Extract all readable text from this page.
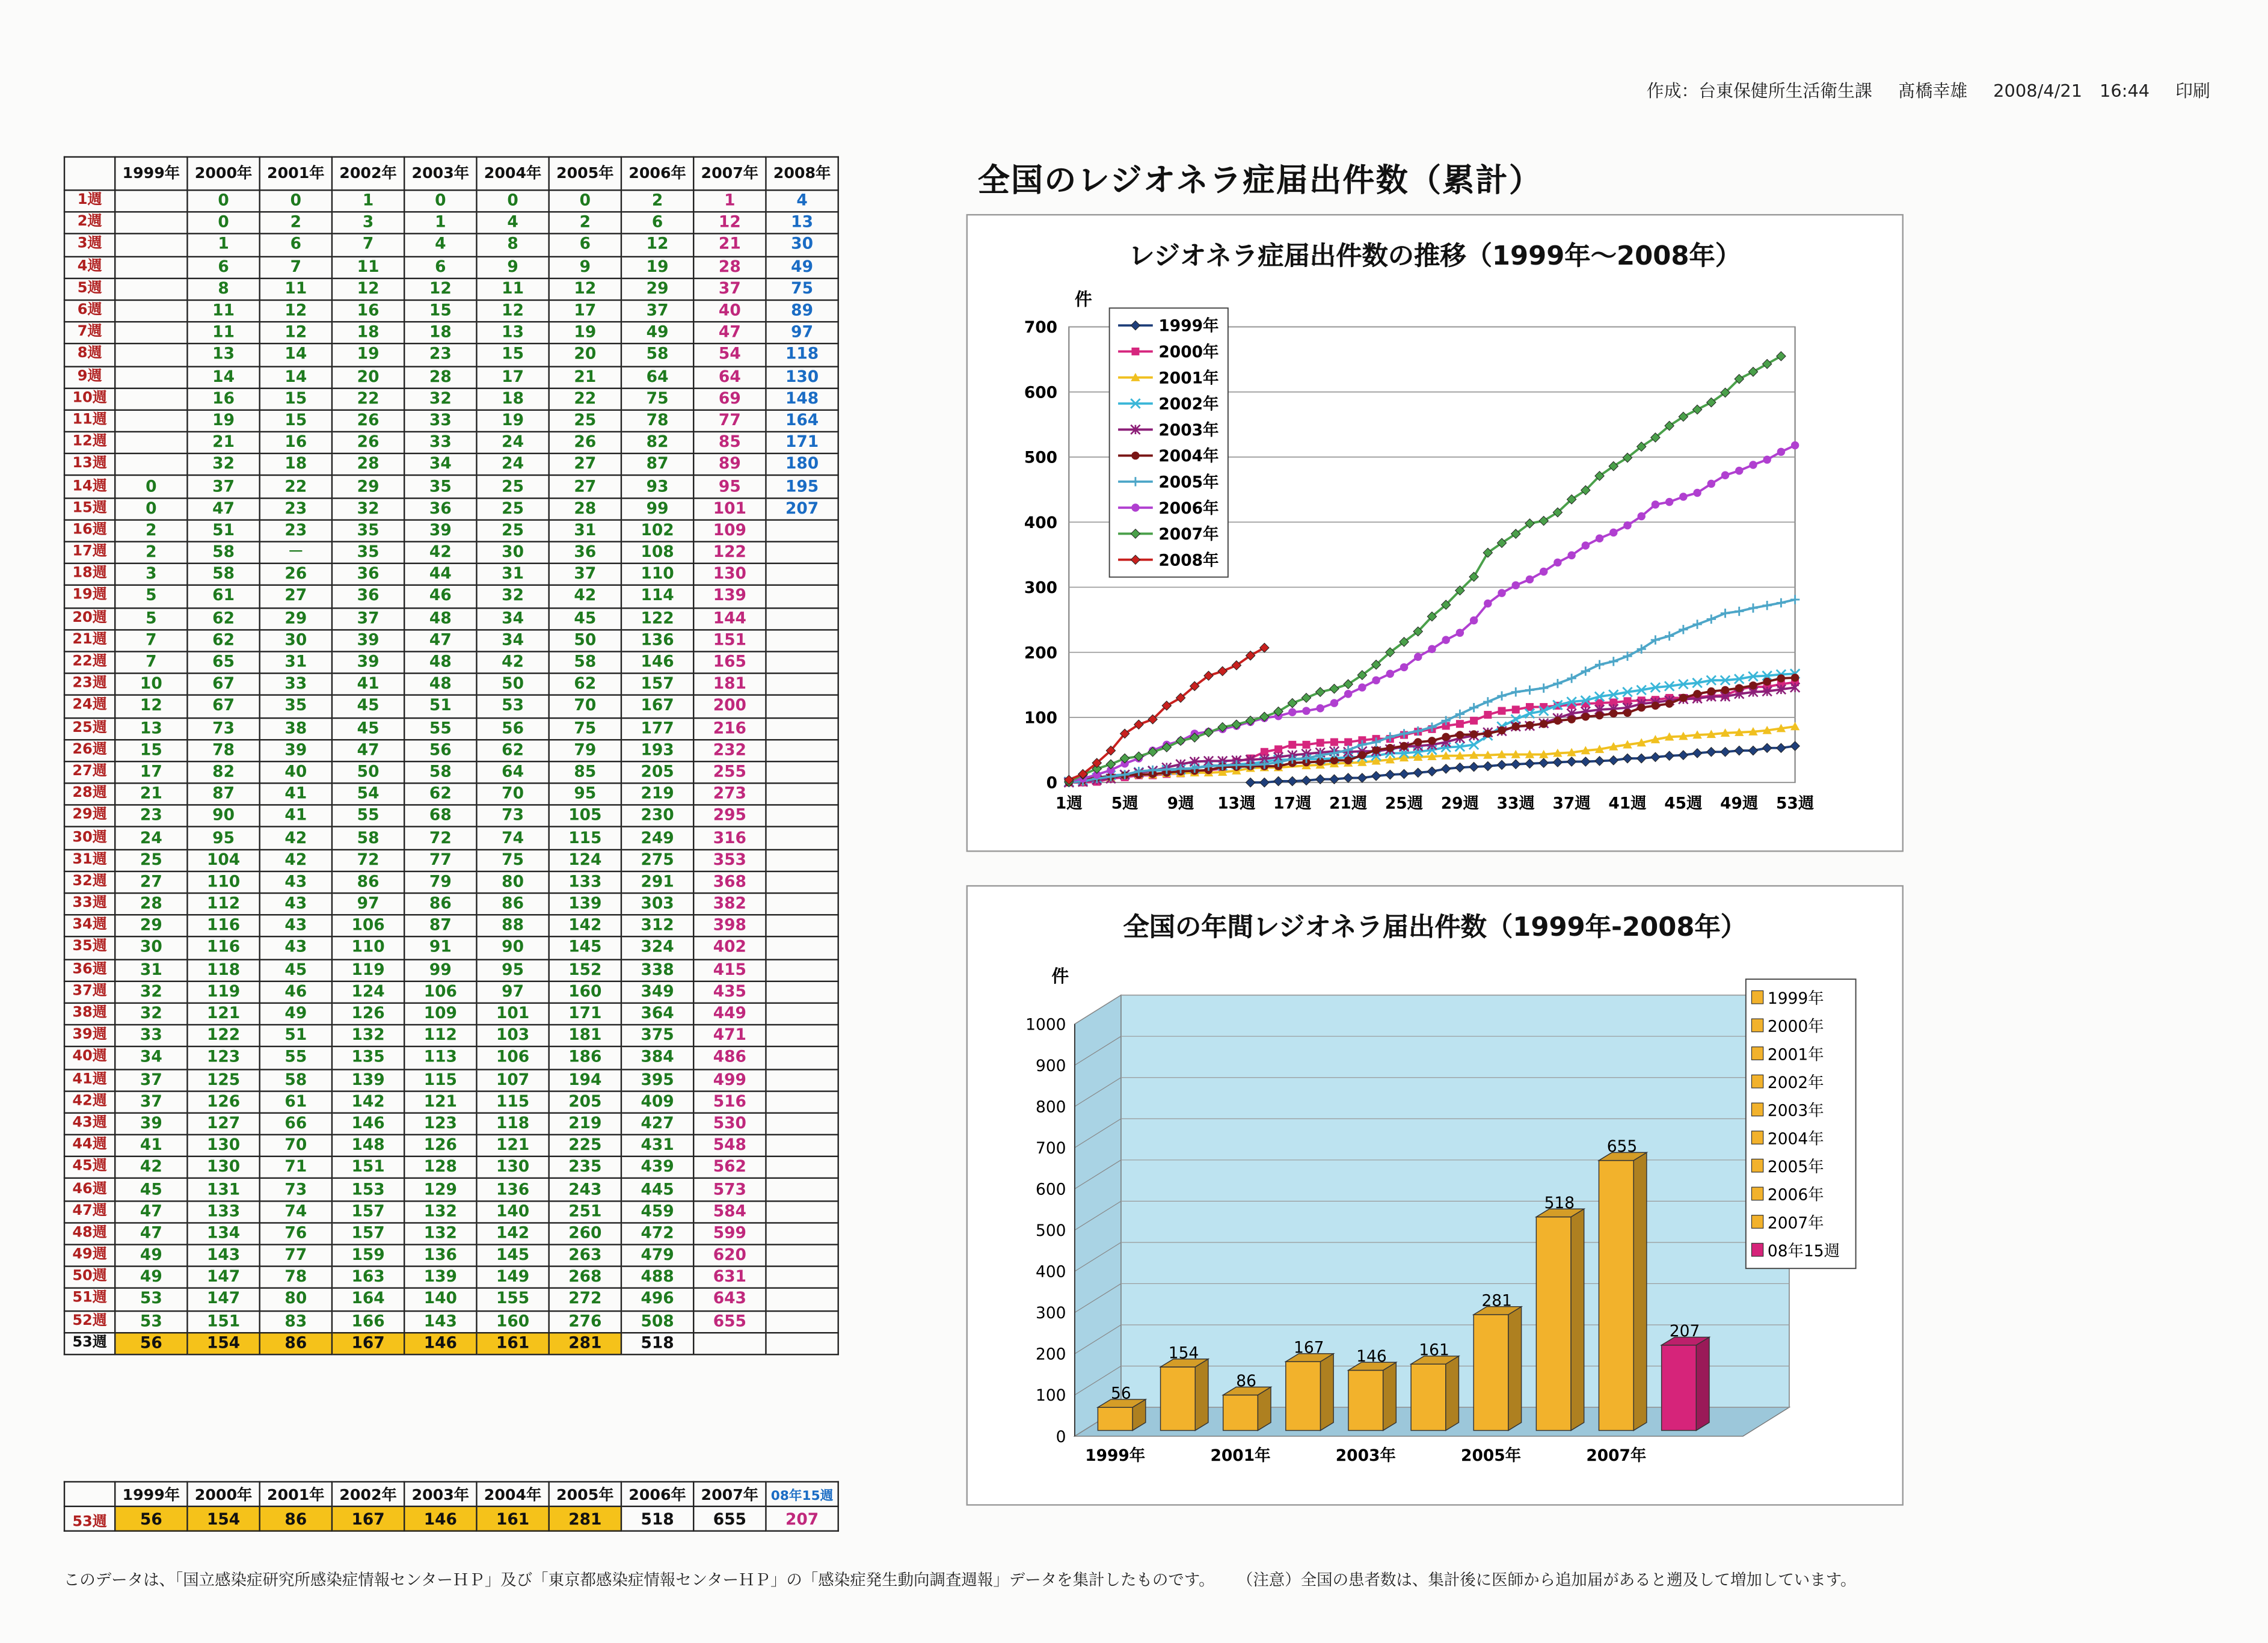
作成：台東保健所生活衛生課	髙橋幸雄	2008/4/21　16:44	印刷
	1999年	2000年	2001年	2002年	2003年	2004年	2005年	2006年	2007年	2008年
1週		0	0	1	0	0	0	2	1	4
2週		0	2	3	1	4	2	6	12	13
3週		1	6	7	4	8	6	12	21	30
4週		6	7	11	6	9	9	19	28	49
5週		8	11	12	12	11	12	29	37	75
6週		11	12	16	15	12	17	37	40	89
7週		11	12	18	18	13	19	49	47	97
8週		13	14	19	23	15	20	58	54	118
9週		14	14	20	28	17	21	64	64	130
10週		16	15	22	32	18	22	75	69	148
11週		19	15	26	33	19	25	78	77	164
12週		21	16	26	33	24	26	82	85	171
13週		32	18	28	34	24	27	87	89	180
14週	0	37	22	29	35	25	27	93	95	195
15週	0	47	23	32	36	25	28	99	101	207
16週	2	51	23	35	39	25	31	102	109	
17週	2	58	－	35	42	30	36	108	122	
18週	3	58	26	36	44	31	37	110	130	
19週	5	61	27	36	46	32	42	114	139	
20週	5	62	29	37	48	34	45	122	144	
21週	7	62	30	39	47	34	50	136	151	
22週	7	65	31	39	48	42	58	146	165	
23週	10	67	33	41	48	50	62	157	181	
24週	12	67	35	45	51	53	70	167	200	
25週	13	73	38	45	55	56	75	177	216	
26週	15	78	39	47	56	62	79	193	232	
27週	17	82	40	50	58	64	85	205	255	
28週	21	87	41	54	62	70	95	219	273	
29週	23	90	41	55	68	73	105	230	295	
30週	24	95	42	58	72	74	115	249	316	
31週	25	104	42	72	77	75	124	275	353	
32週	27	110	43	86	79	80	133	291	368	
33週	28	112	43	97	86	86	139	303	382	
34週	29	116	43	106	87	88	142	312	398	
35週	30	116	43	110	91	90	145	324	402	
36週	31	118	45	119	99	95	152	338	415	
37週	32	119	46	124	106	97	160	349	435	
38週	32	121	49	126	109	101	171	364	449	
39週	33	122	51	132	112	103	181	375	471	
40週	34	123	55	135	113	106	186	384	486	
41週	37	125	58	139	115	107	194	395	499	
42週	37	126	61	142	121	115	205	409	516	
43週	39	127	66	146	123	118	219	427	530	
44週	41	130	70	148	126	121	225	431	548	
45週	42	130	71	151	128	130	235	439	562	
46週	45	131	73	153	129	136	243	445	573	
47週	47	133	74	157	132	140	251	459	584	
48週	47	134	76	157	132	142	260	472	599	
49週	49	143	77	159	136	145	263	479	620	
50週	49	147	78	163	139	149	268	488	631	
51週	53	147	80	164	140	155	272	496	643	
52週	53	151	83	166	143	160	276	508	655	
53週	56	154	86	167	146	161	281	518		
	1999年	2000年	2001年	2002年	2003年	2004年	2005年	2006年	2007年	08年15週
53週	56	154	86	167	146	161	281	518	655	207
全国のレジオネラ症届出件数（累計）
レジオネラ症届出件数の推移（1999年～2008年）
0
100
200
300
400
500
600
700
1週	5週	9週	13週	17週	21週	25週	29週	33週	37週	41週	45週	49週	53週
1999年
2000年
2001年
2002年
2003年
2004年
2005年
2006年
2007年
2008年
件
全国の年間レジオネラ届出件数（1999年‐2008年）
0
100
200
300
400
500
600
700
800
900
1000
1999年	2001年	2003年	2005年	2007年
56
154
86
167	146	161
281
518
655
207
1999年
2000年
2001年
2002年
2003年
2004年
2005年
2006年
2007年
08年15週
件
このデータは、「国立感染症研究所感染症情報センターＨＰ」及び「東京都感染症情報センターＨＰ」の「感染症発生動向調査週報」データを集計したものです。	（注意）全国の患者数は、集計後に医師から追加届があると遡及して増加しています。
